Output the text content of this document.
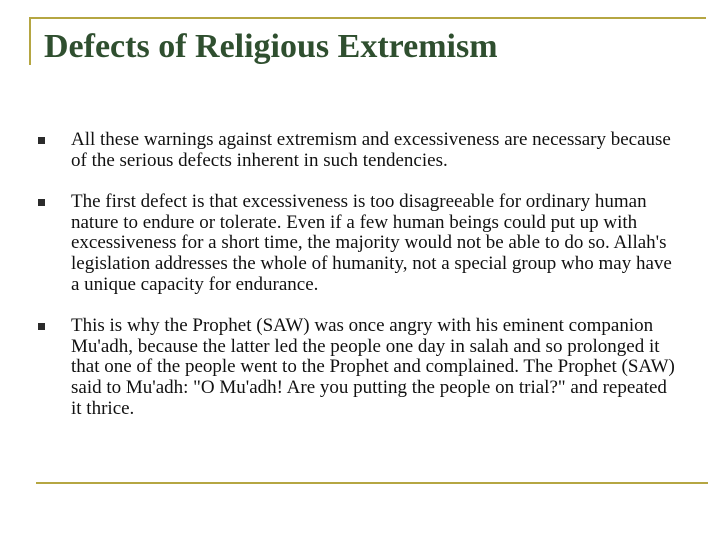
Defects of Religious Extremism
All these warnings against extremism and excessiveness are necessary because of the serious defects inherent in such tendencies.
The first defect is that excessiveness is too disagreeable for ordinary human nature to endure or tolerate. Even if a few human beings could put up with excessiveness for a short time, the majority would not be able to do so. Allah's legislation addresses the whole of humanity, not a special group who may have a unique capacity for endurance.
This is why the Prophet (SAW) was once angry with his eminent companion Mu'adh, because the latter led the people one day in salah and so prolonged it that one of the people went to the Prophet and complained. The Prophet (SAW) said to Mu'adh: "O Mu'adh! Are you putting the people on trial?" and repeated it thrice.
